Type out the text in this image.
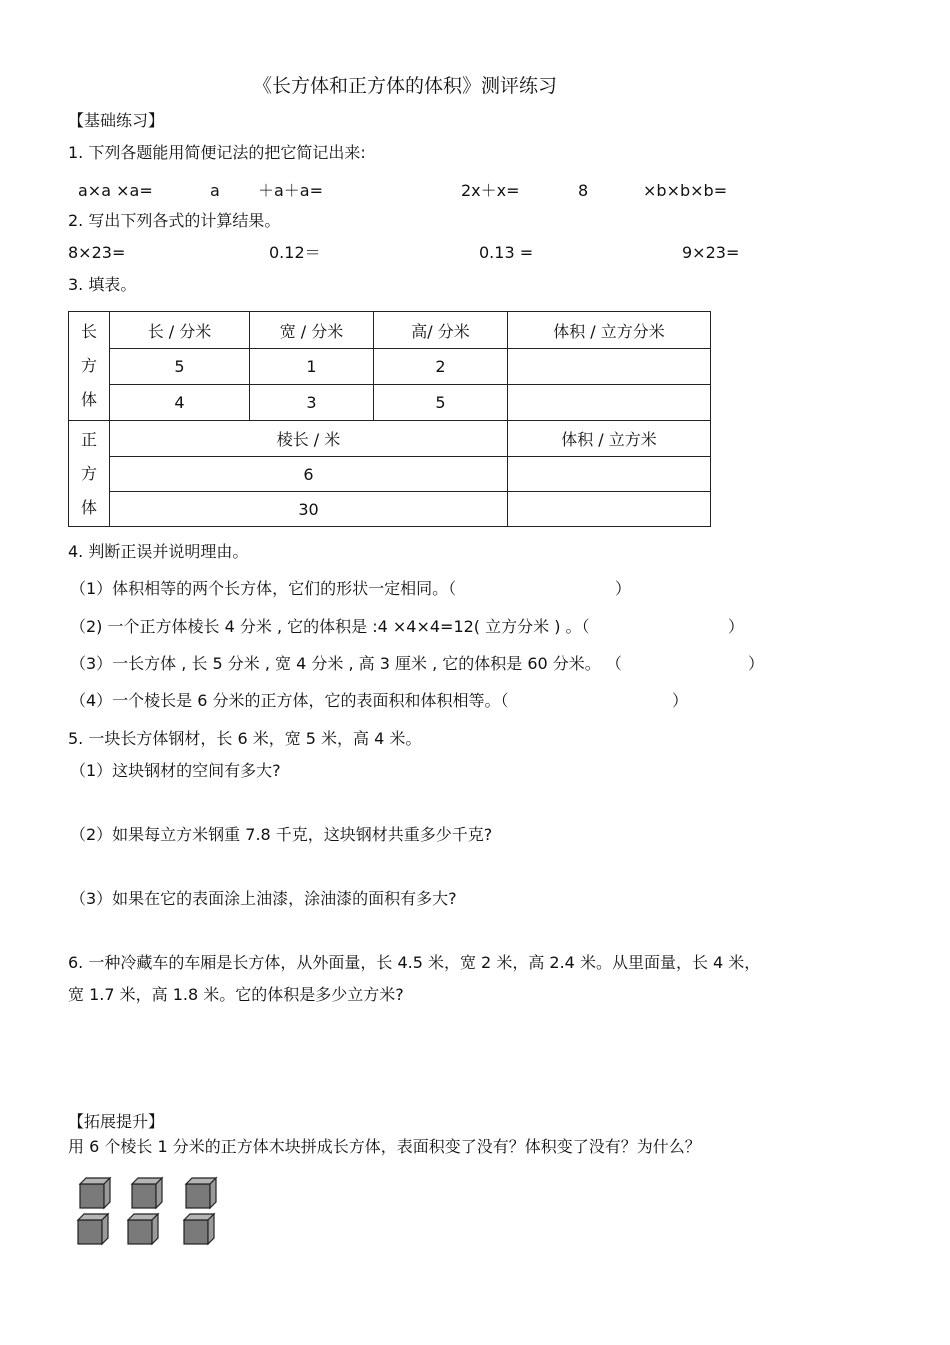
《长方体和正方体的体积》测评练习
【基础练习】
1. 下列各题能用简便记法的把它简记出来:
a×a ×a=	a ＋a＋a=	2x＋x=	8	×b×b×b=
2. 写出下列各式的计算结果。
8×23=	0.12＝	0.13 =	9×23=
3. 填表。
长
方
体	长 / 分米	宽 / 分米	高/ 分米	体积 / 立方分米
	5	1	2	
	4	3	5	

正
方
体	棱长 / 米			体积 / 立方米
	6			
	30			
4. 判断正误并说明理由。
（1）体积相等的两个长方体，它们的形状一定相同。（	）
（2) 一个正方体棱长 4 分米 , 它的体积是 :4 ×4×4=12( 立方分米 ) 。（	）
（3）一长方体 , 长 5 分米 , 宽 4 分米 , 高 3 厘米 , 它的体积是 60 分米。 （	）
（4）一个棱长是 6 分米的正方体，它的表面积和体积相等。（	）
5. 一块长方体钢材，长 6 米，宽 5 米，高 4 米。
（1）这块钢材的空间有多大?
（2）如果每立方米钢重 7.8 千克，这块钢材共重多少千克?
（3）如果在它的表面涂上油漆，涂油漆的面积有多大?
6. 一种冷藏车的车厢是长方体，从外面量，长 4.5 米，宽 2 米，高 2.4 米。从里面量，长 4 米，
宽 1.7 米，高 1.8 米。它的体积是多少立方米?
【拓展提升】
用 6 个棱长 1 分米的正方体木块拼成长方体，表面积变了没有？体积变了没有？为什么？
